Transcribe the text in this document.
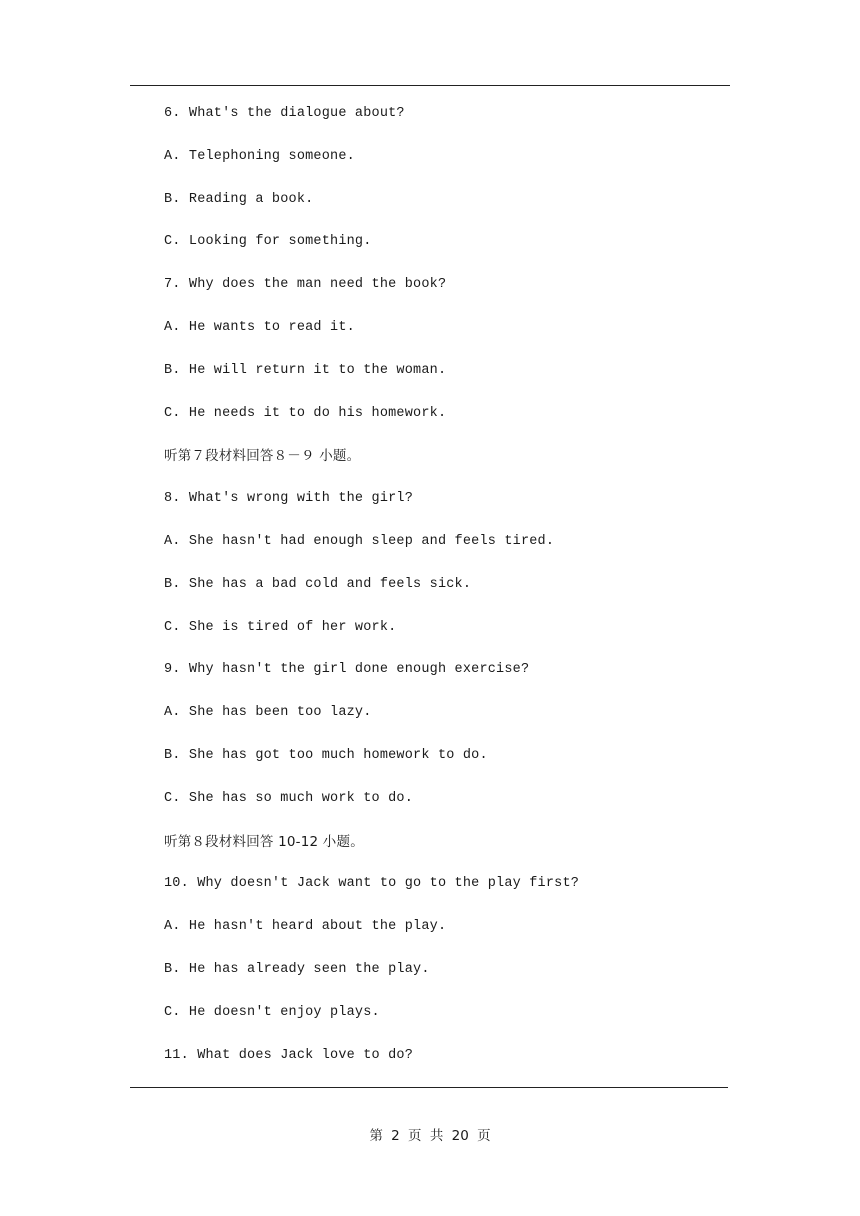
6. What's the dialogue about?
A. Telephoning someone.
B. Reading a book.
C. Looking for something.
7. Why does the man need the book?
A. He wants to read it.
B. He will return it to the woman.
C. He needs it to do his homework.
听第７段材料回答８－９ 小题。
8. What's wrong with the girl?
A. She hasn't had enough sleep and feels tired.
B. She has a bad cold and feels sick.
C. She is tired of her work.
9. Why hasn't the girl done enough exercise?
A. She has been too lazy.
B. She has got too much homework to do.
C. She has so much work to do.
听第８段材料回答 10-12 小题。
10. Why doesn't Jack want to go to the play first?
A. He hasn't heard about the play.
B. He has already seen the play.
C. He doesn't enjoy plays.
11. What does Jack love to do?
第 2 页 共 20 页
